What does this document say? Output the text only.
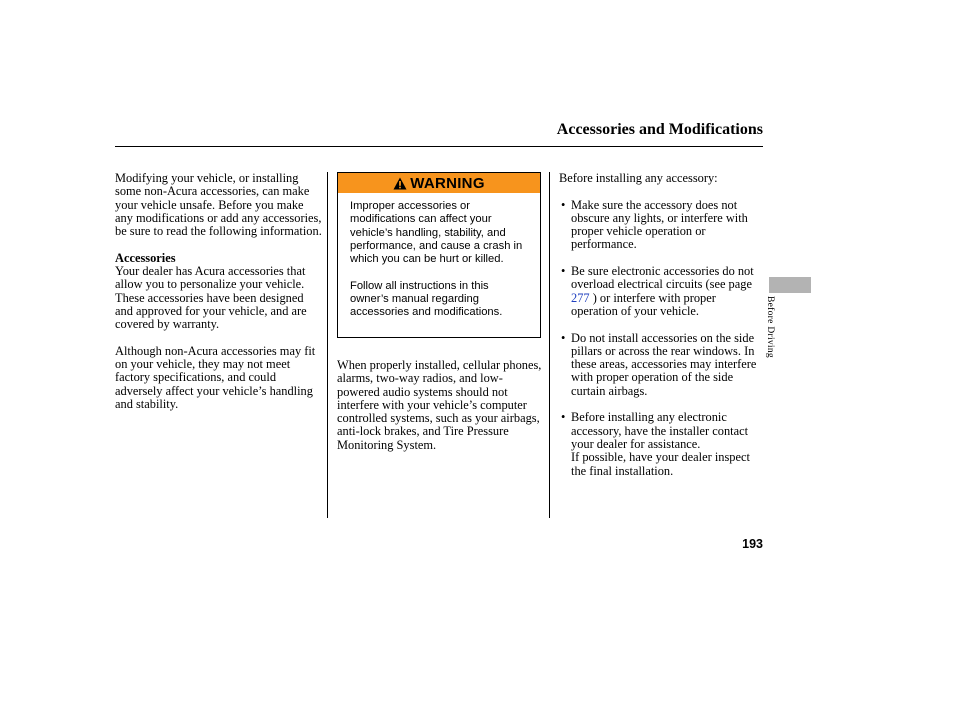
Accessories and Modifications

Modifying your vehicle, or installing some non-Acura accessories, can make your vehicle unsafe. Before you make any modifications or add any accessories, be sure to read the following information.

Accessories

Your dealer has Acura accessories that allow you to personalize your vehicle. These accessories have been designed and approved for your vehicle, and are covered by warranty.

Although non-Acura accessories may fit on your vehicle, they may not meet factory specifications, and could adversely affect your vehicle’s handling and stability.

WARNING

Improper accessories or modifications can affect your vehicle’s handling, stability, and performance, and cause a crash in which you can be hurt or killed.

Follow all instructions in this owner’s manual regarding accessories and modifications.

When properly installed, cellular phones, alarms, two-way radios, and low-powered audio systems should not interfere with your vehicle’s computer controlled systems, such as your airbags, anti-lock brakes, and Tire Pressure Monitoring System.

Before installing any accessory:

• Make sure the accessory does not obscure any lights, or interfere with proper vehicle operation or performance.
• Be sure electronic accessories do not overload electrical circuits (see page 277 ) or interfere with proper operation of your vehicle.
• Do not install accessories on the side pillars or across the rear windows. In these areas, accessories may interfere with proper operation of the side curtain airbags.
• Before installing any electronic accessory, have the installer contact your dealer for assistance.
If possible, have your dealer inspect the final installation.
Before Driving
193
